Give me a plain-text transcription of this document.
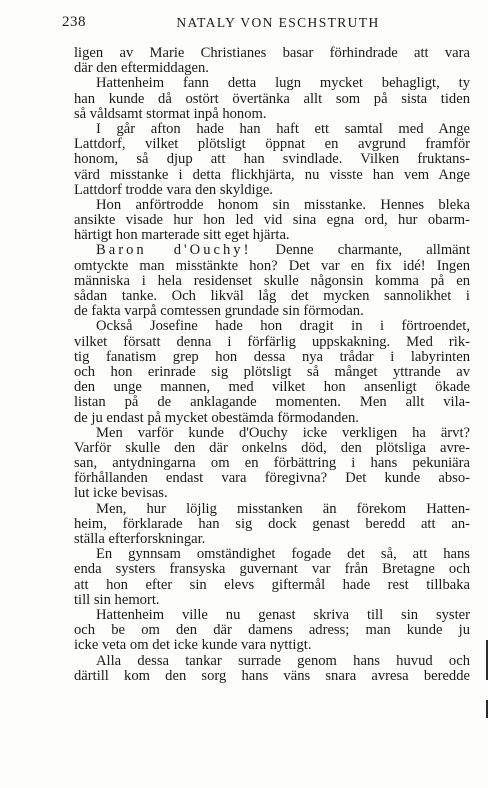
238	NATALY VON ESCHSTRUTH
ligen av Marie Christianes basar förhindrade att vara
där den eftermiddagen.
Hattenheim fann detta lugn mycket behagligt, ty
han kunde då ostört övertänka allt som på sista tiden
så våldsamt stormat inpå honom.
I går afton hade han haft ett samtal med Ange
Lattdorf, vilket plötsligt öppnat en avgrund framför
honom, så djup att han svindlade. Vilken fruktans-
värd misstanke i detta flickhjärta, nu visste han vem Ange
Lattdorf trodde vara den skyldige.
Hon anförtrodde honom sin misstanke. Hennes bleka
ansikte visade hur hon led vid sina egna ord, hur obarm-
härtigt hon marterade sitt eget hjärta.
Baron d'Ouchy! Denne charmante, allmänt
omtyckte man misstänkte hon? Det var en fix idé! Ingen
människa i hela residenset skulle någonsin komma på en
sådan tanke. Och likväl låg det mycken sannolikhet i
de fakta varpå comtessen grundade sin förmodan.
Också Josefine hade hon dragit in i förtroendet,
vilket försatt denna i förfärlig uppskakning. Med rik-
tig fanatism grep hon dessa nya trådar i labyrinten
och hon erinrade sig plötsligt så månget yttrande av
den unge mannen, med vilket hon ansenligt ökade
listan på de anklagande momenten. Men allt vila-
de ju endast på mycket obestämda förmodanden.
Men varför kunde d'Ouchy icke verkligen ha ärvt?
Varför skulle den där onkelns död, den plötsliga avre-
san, antydningarna om en förbättring i hans pekuniära
förhållanden endast vara föregivna? Det kunde abso-
lut icke bevisas.
Men, hur löjlig misstanken än förekom Hatten-
heim, förklarade han sig dock genast beredd att an-
ställa efterforskningar.
En gynnsam omständighet fogade det så, att hans
enda systers fransyska guvernant var från Bretagne och
att hon efter sin elevs giftermål hade rest tillbaka
till sin hemort.
Hattenheim ville nu genast skriva till sin syster
och be om den där damens adress; man kunde ju
icke veta om det icke kunde vara nyttigt.
Alla dessa tankar surrade genom hans huvud och
därtill kom den sorg hans väns snara avresa beredde
